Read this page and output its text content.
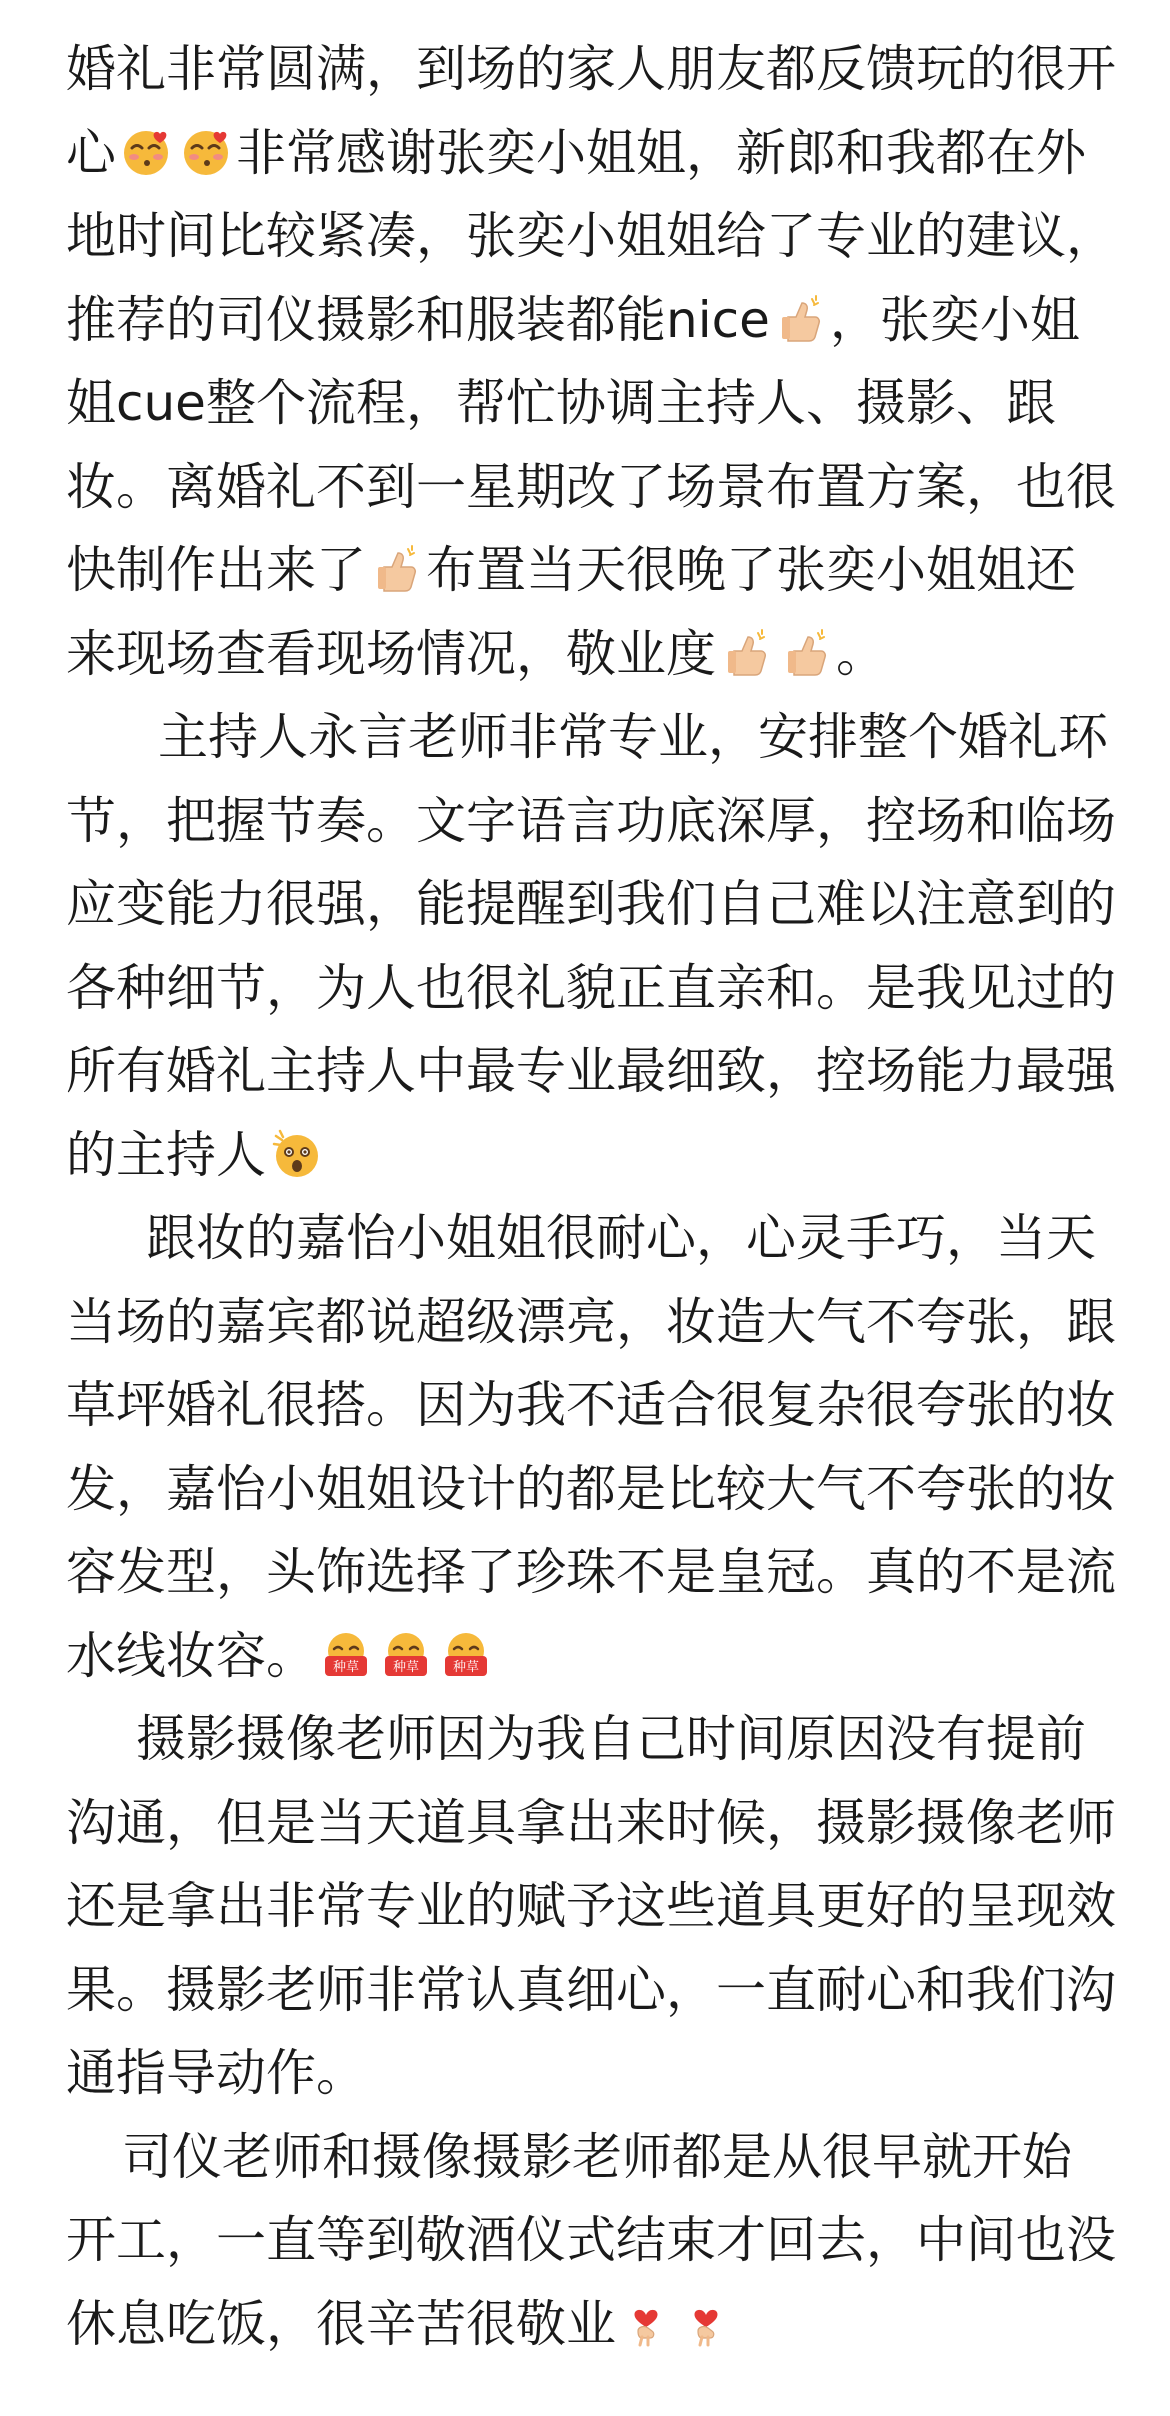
婚礼非常圆满，到场的家人朋友都反馈玩的很开心 非常感谢张奕小姐姐，新郎和我都在外地时间比较紧凑，张奕小姐姐给了专业的建议，推荐的司仪摄影和服装都能nice ，张奕小姐姐cue整个流程，帮忙协调主持人、摄影、跟妆。离婚礼不到一星期改了场景布置方案，也很快制作出来了 布置当天很晚了张奕小姐姐还来现场查看现场情况，敬业度 。

主持人永言老师非常专业，安排整个婚礼环节，把握节奏。文字语言功底深厚，控场和临场应变能力很强，能提醒到我们自己难以注意到的各种细节，为人也很礼貌正直亲和。是我见过的所有婚礼主持人中最专业最细致，控场能力最强的主持人

跟妆的嘉怡小姐姐很耐心，心灵手巧，当天当场的嘉宾都说超级漂亮，妆造大气不夸张，跟草坪婚礼很搭。因为我不适合很复杂很夸张的妆发，嘉怡小姐姐设计的都是比较大气不夸张的妆容发型，头饰选择了珍珠不是皇冠。真的不是流水线妆容。 种草	种草	种草

摄影摄像老师因为我自己时间原因没有提前沟通，但是当天道具拿出来时候，摄影摄像老师还是拿出非常专业的赋予这些道具更好的呈现效果。摄影老师非常认真细心，一直耐心和我们沟通指导动作。

司仪老师和摄像摄影老师都是从很早就开始开工，一直等到敬酒仪式结束才回去，中间也没休息吃饭，很辛苦很敬业
